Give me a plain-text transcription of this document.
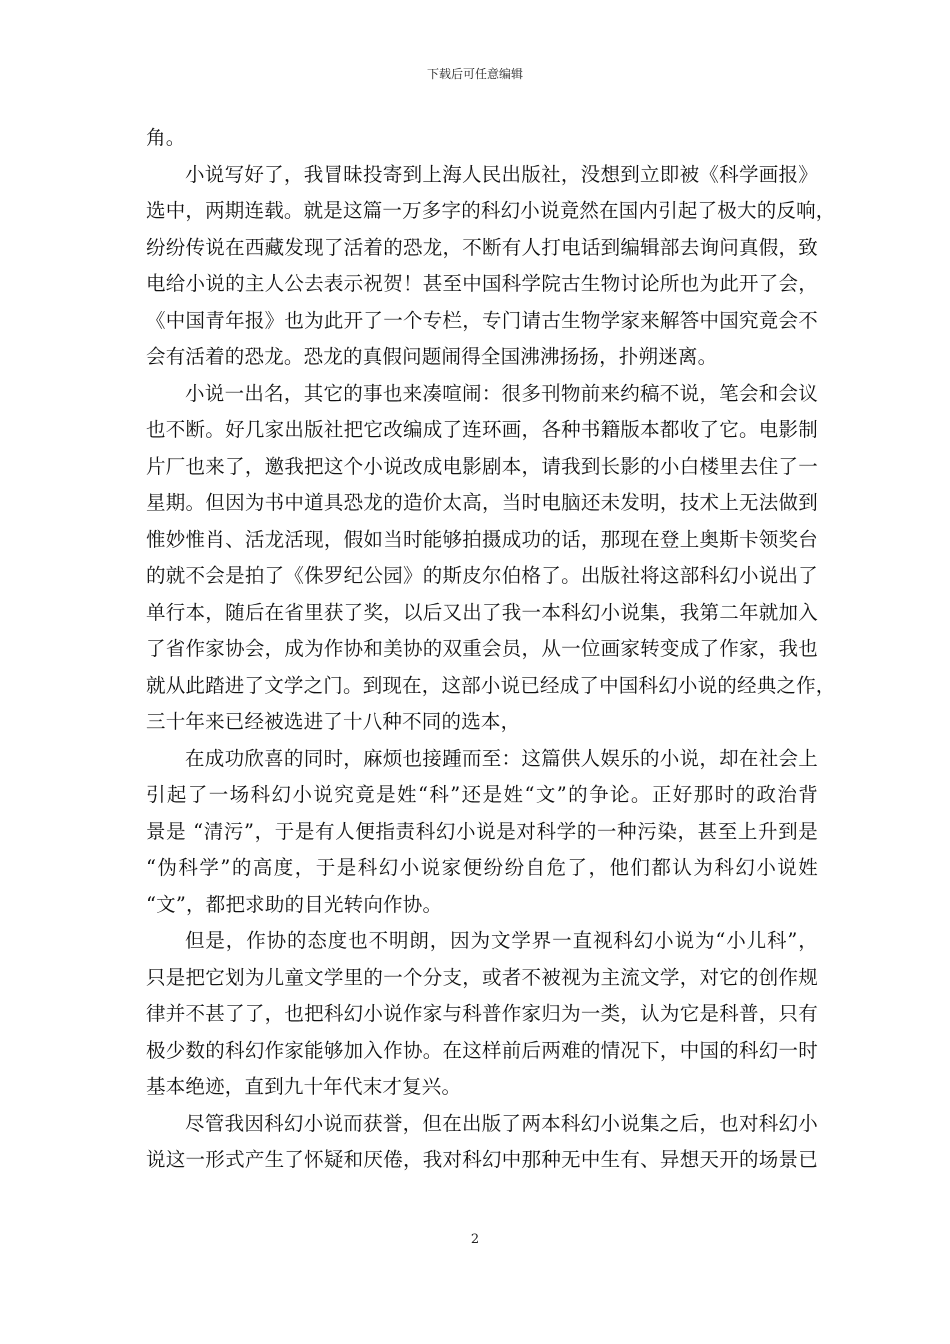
下载后可任意编辑
角。
小说写好了，我冒昧投寄到上海人民出版社，没想到立即被《科学画报》
选中，两期连载。就是这篇一万多字的科幻小说竟然在国内引起了极大的反响，
纷纷传说在西藏发现了活着的恐龙，不断有人打电话到编辑部去询问真假，致
电给小说的主人公去表示祝贺！甚至中国科学院古生物讨论所也为此开了会，
《中国青年报》也为此开了一个专栏，专门请古生物学家来解答中国究竟会不
会有活着的恐龙。恐龙的真假问题闹得全国沸沸扬扬，扑朔迷离。
小说一出名，其它的事也来凑喧闹：很多刊物前来约稿不说，笔会和会议
也不断。好几家出版社把它改编成了连环画，各种书籍版本都收了它。电影制
片厂也来了，邀我把这个小说改成电影剧本，请我到长影的小白楼里去住了一
星期。但因为书中道具恐龙的造价太高，当时电脑还未发明，技术上无法做到
惟妙惟肖、活龙活现，假如当时能够拍摄成功的话，那现在登上奥斯卡领奖台
的就不会是拍了《侏罗纪公园》的斯皮尔伯格了。出版社将这部科幻小说出了
单行本，随后在省里获了奖，以后又出了我一本科幻小说集，我第二年就加入
了省作家协会，成为作协和美协的双重会员，从一位画家转变成了作家，我也
就从此踏进了文学之门。到现在，这部小说已经成了中国科幻小说的经典之作，
三十年来已经被选进了十八种不同的选本，
在成功欣喜的同时，麻烦也接踵而至：这篇供人娱乐的小说，却在社会上
引起了一场科幻小说究竟是姓“科”还是姓“文”的争论。正好那时的政治背
景是 “清污”，于是有人便指责科幻小说是对科学的一种污染，甚至上升到是
“伪科学”的高度，于是科幻小说家便纷纷自危了，他们都认为科幻小说姓
“文”，都把求助的目光转向作协。
但是，作协的态度也不明朗，因为文学界一直视科幻小说为“小儿科”，
只是把它划为儿童文学里的一个分支，或者不被视为主流文学，对它的创作规
律并不甚了了，也把科幻小说作家与科普作家归为一类，认为它是科普，只有
极少数的科幻作家能够加入作协。在这样前后两难的情况下，中国的科幻一时
基本绝迹，直到九十年代末才复兴。
尽管我因科幻小说而获誉，但在出版了两本科幻小说集之后，也对科幻小
说这一形式产生了怀疑和厌倦，我对科幻中那种无中生有、异想天开的场景已
2
